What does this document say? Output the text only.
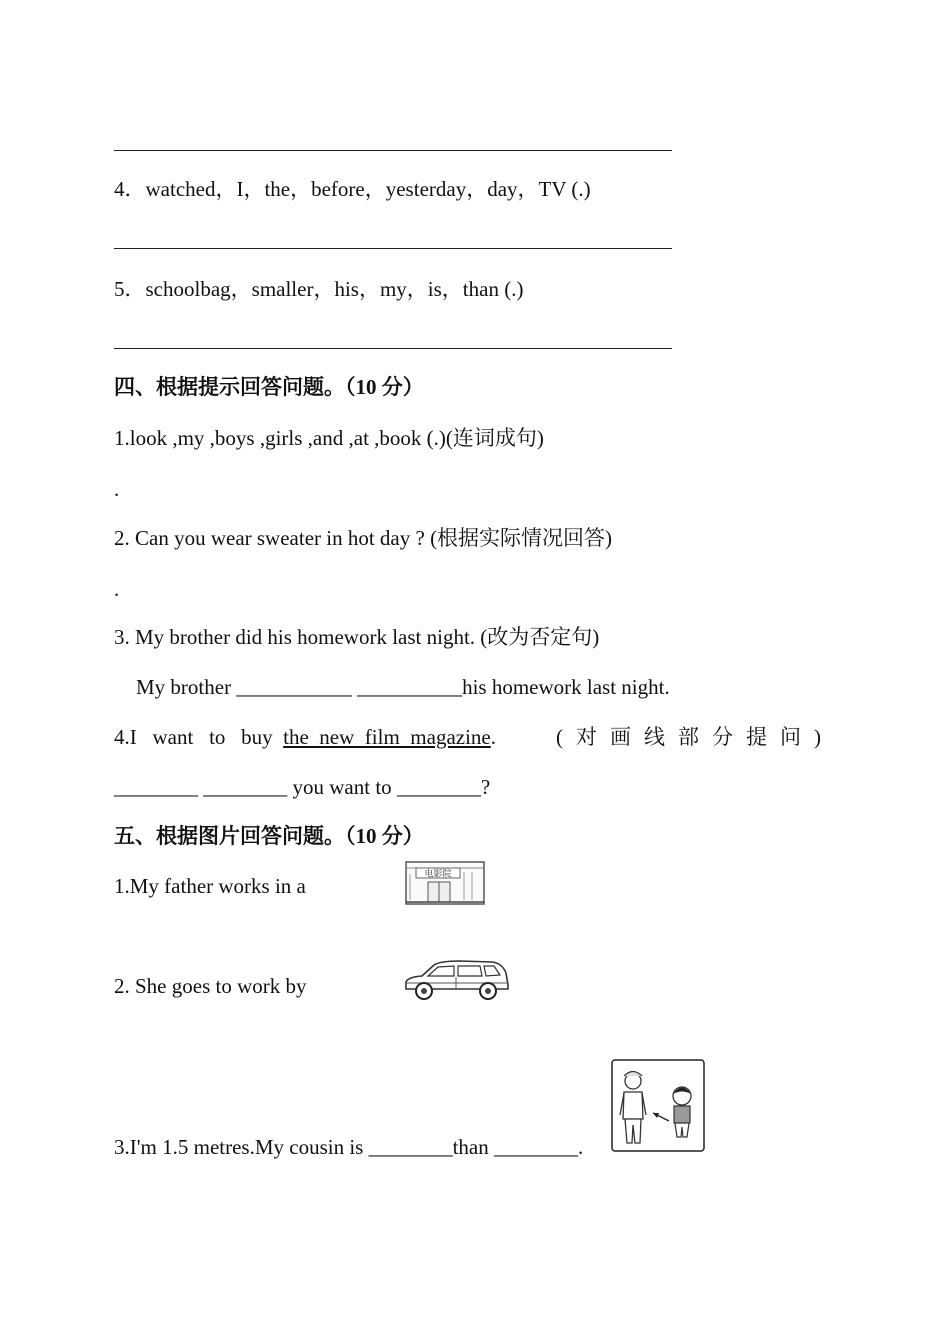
4．watched，I，the，before，yesterday，day，TV (.)
5．schoolbag，smaller，his，my，is，than (.)
四、根据提示回答问题。（10 分）
1.look ,my ,boys ,girls ,and ,at ,book (.)(连词成句)
.
2. Can you wear sweater in hot day ? (根据实际情况回答)
.
3. My brother did his homework last night. (改为否定句)
My brother ___________ __________his homework last night.
4.I   want   to   buy  the  new  film  magazine.	(对画线部分提问)
________ ________ you want to ________?
五、根据图片回答问题。（10 分）
1.My father works in a	电影院
2. She goes to work by
3.I'm 1.5 metres.My cousin is ________than ________.
